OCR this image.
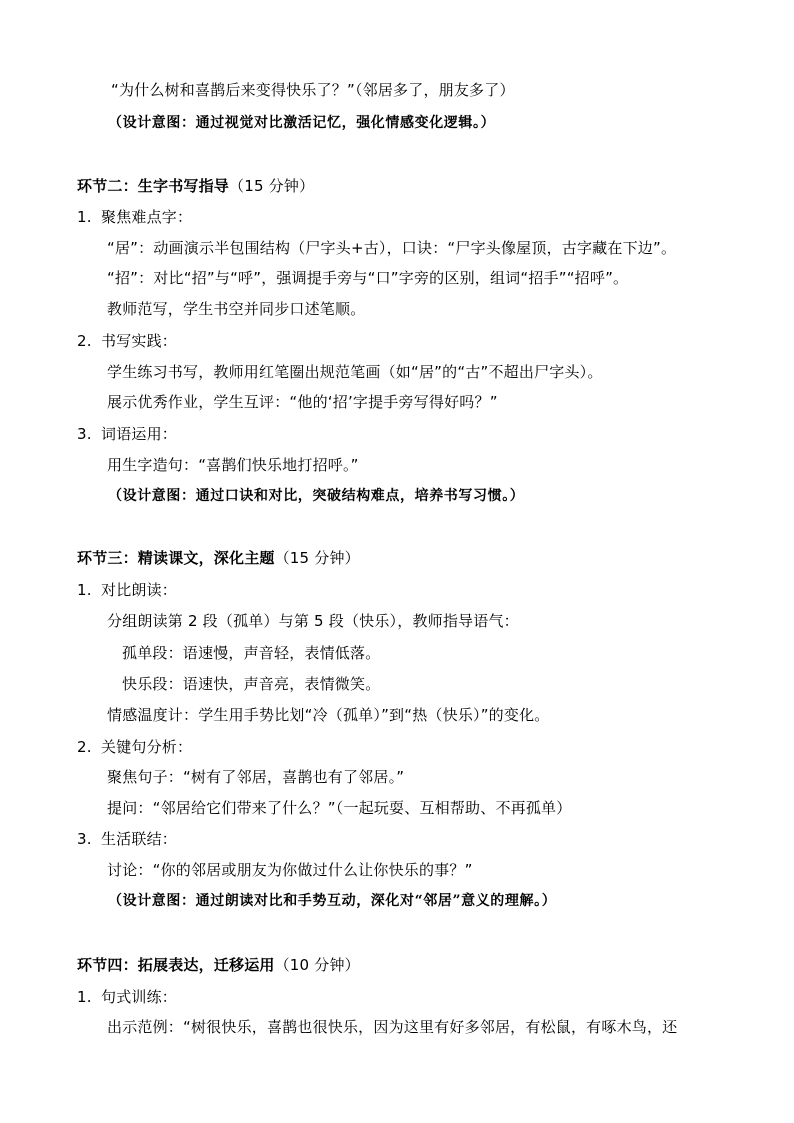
“为什么树和喜鹊后来变得快乐了？”（邻居多了，朋友多了）
（设计意图：通过视觉对比激活记忆，强化情感变化逻辑。）
环节二：生字书写指导（15 分钟）
1. 聚焦难点字：
“居”：动画演示半包围结构（尸字头+古），口诀：“尸字头像屋顶，古字藏在下边”。
“招”：对比“招”与“呼”，强调提手旁与“口”字旁的区别，组词“招手”“招呼”。
教师范写，学生书空并同步口述笔顺。
2. 书写实践：
学生练习书写，教师用红笔圈出规范笔画（如“居”的“古”不超出尸字头）。
展示优秀作业，学生互评：“他的‘招’字提手旁写得好吗？”
3. 词语运用：
用生字造句：“喜鹊们快乐地打招呼。”
（设计意图：通过口诀和对比，突破结构难点，培养书写习惯。）
环节三：精读课文，深化主题（15 分钟）
1. 对比朗读：
分组朗读第 2 段（孤单）与第 5 段（快乐），教师指导语气：
孤单段：语速慢，声音轻，表情低落。
快乐段：语速快，声音亮，表情微笑。
情感温度计：学生用手势比划“冷（孤单）”到“热（快乐）”的变化。
2. 关键句分析：
聚焦句子：“树有了邻居，喜鹊也有了邻居。”
提问：“邻居给它们带来了什么？”（一起玩耍、互相帮助、不再孤单）
3. 生活联结：
讨论：“你的邻居或朋友为你做过什么让你快乐的事？”
（设计意图：通过朗读对比和手势互动，深化对“邻居”意义的理解。）
环节四：拓展表达，迁移运用（10 分钟）
1. 句式训练：
出示范例：“树很快乐，喜鹊也很快乐，因为这里有好多邻居，有松鼠，有啄木鸟，还
